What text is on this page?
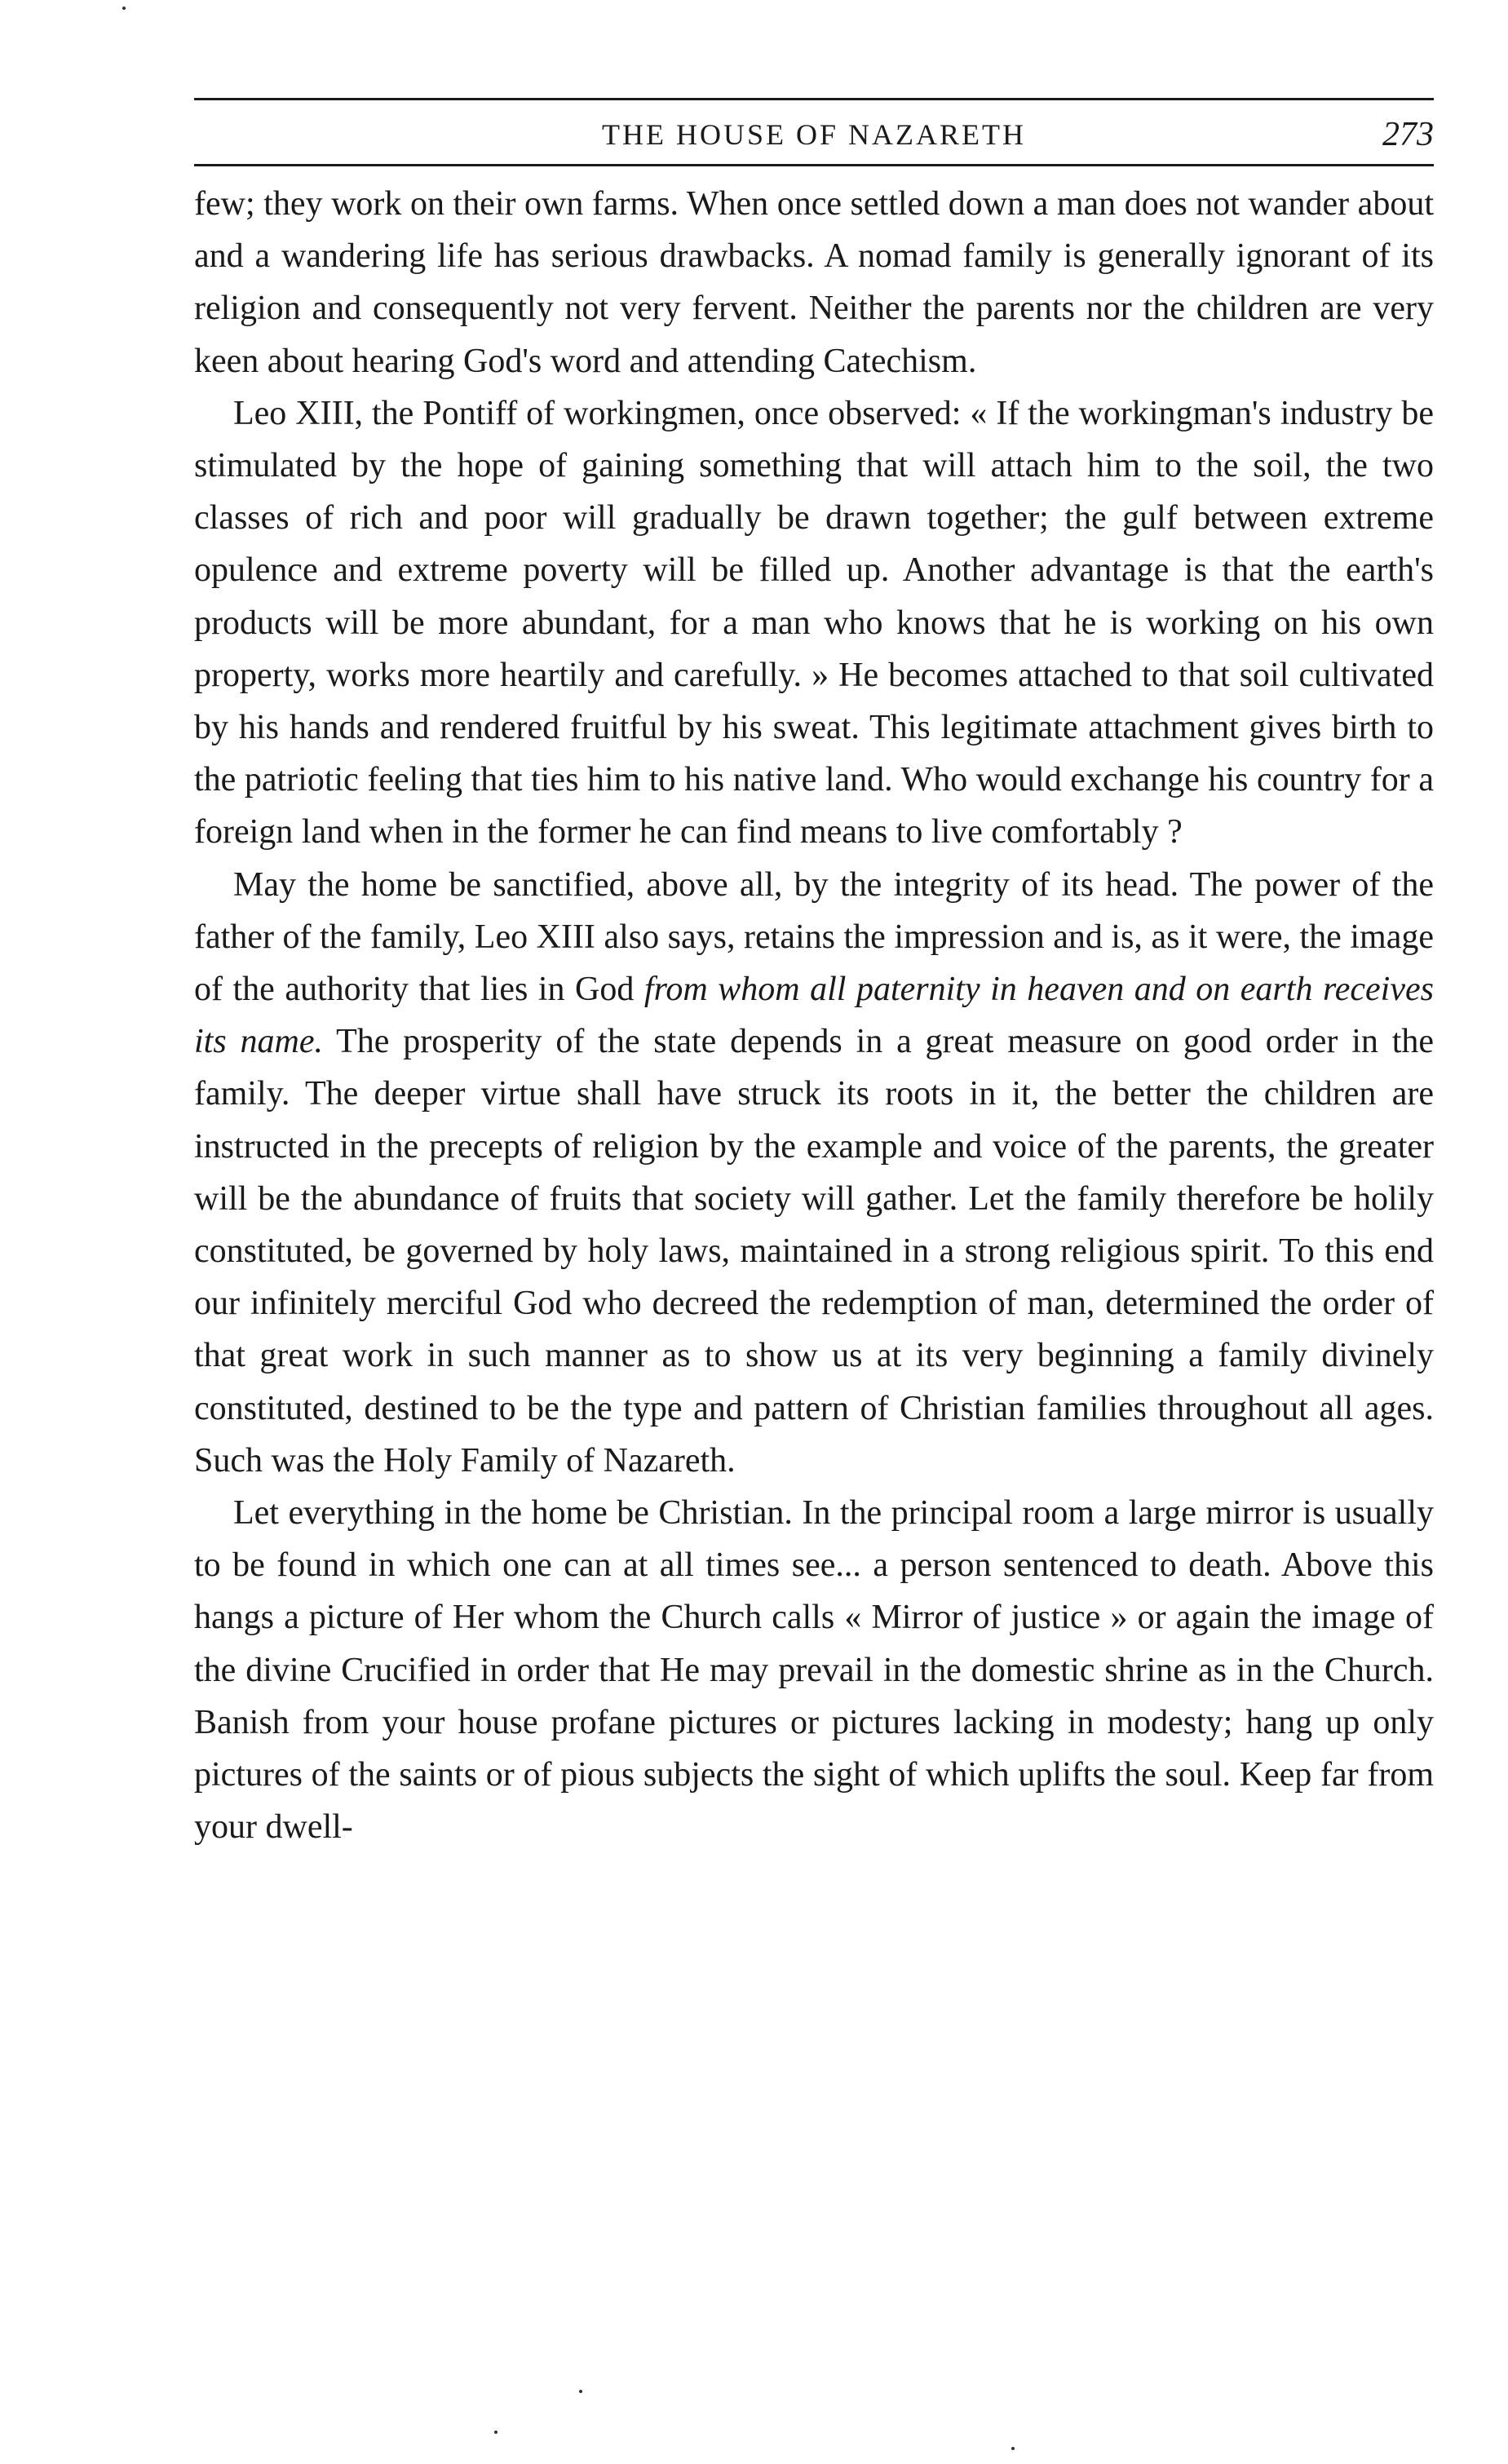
THE HOUSE OF NAZARETH	273

few; they work on their own farms. When once settled down a man does not wander about and a wandering life has serious drawbacks. A nomad family is generally ignorant of its religion and consequently not very fervent. Neither the parents nor the children are very keen about hearing God's word and attending Catechism.

Leo XIII, the Pontiff of workingmen, once observed: « If the workingman's industry be stimulated by the hope of gaining something that will attach him to the soil, the two classes of rich and poor will gradually be drawn together; the gulf between extreme opulence and extreme poverty will be filled up. Another advantage is that the earth's products will be more abundant, for a man who knows that he is working on his own property, works more heartily and carefully. » He becomes attached to that soil cultivated by his hands and rendered fruitful by his sweat. This legitimate attachment gives birth to the patriotic feeling that ties him to his native land. Who would exchange his country for a foreign land when in the former he can find means to live comfortably ?

May the home be sanctified, above all, by the integrity of its head. The power of the father of the family, Leo XIII also says, retains the impression and is, as it were, the image of the authority that lies in God from whom all paternity in heaven and on earth receives its name. The prosperity of the state depends in a great measure on good order in the family. The deeper virtue shall have struck its roots in it, the better the children are instructed in the precepts of religion by the example and voice of the parents, the greater will be the abundance of fruits that society will gather. Let the family therefore be holily constituted, be governed by holy laws, maintained in a strong religious spirit. To this end our infinitely merciful God who decreed the redemption of man, determined the order of that great work in such manner as to show us at its very beginning a family divinely constituted, destined to be the type and pattern of Christian families throughout all ages. Such was the Holy Family of Nazareth.

Let everything in the home be Christian. In the principal room a large mirror is usually to be found in which one can at all times see... a person sentenced to death. Above this hangs a picture of Her whom the Church calls « Mirror of justice » or again the image of the divine Crucified in order that He may prevail in the domestic shrine as in the Church. Banish from your house profane pictures or pictures lacking in modesty; hang up only pictures of the saints or of pious subjects the sight of which uplifts the soul. Keep far from your dwell-
